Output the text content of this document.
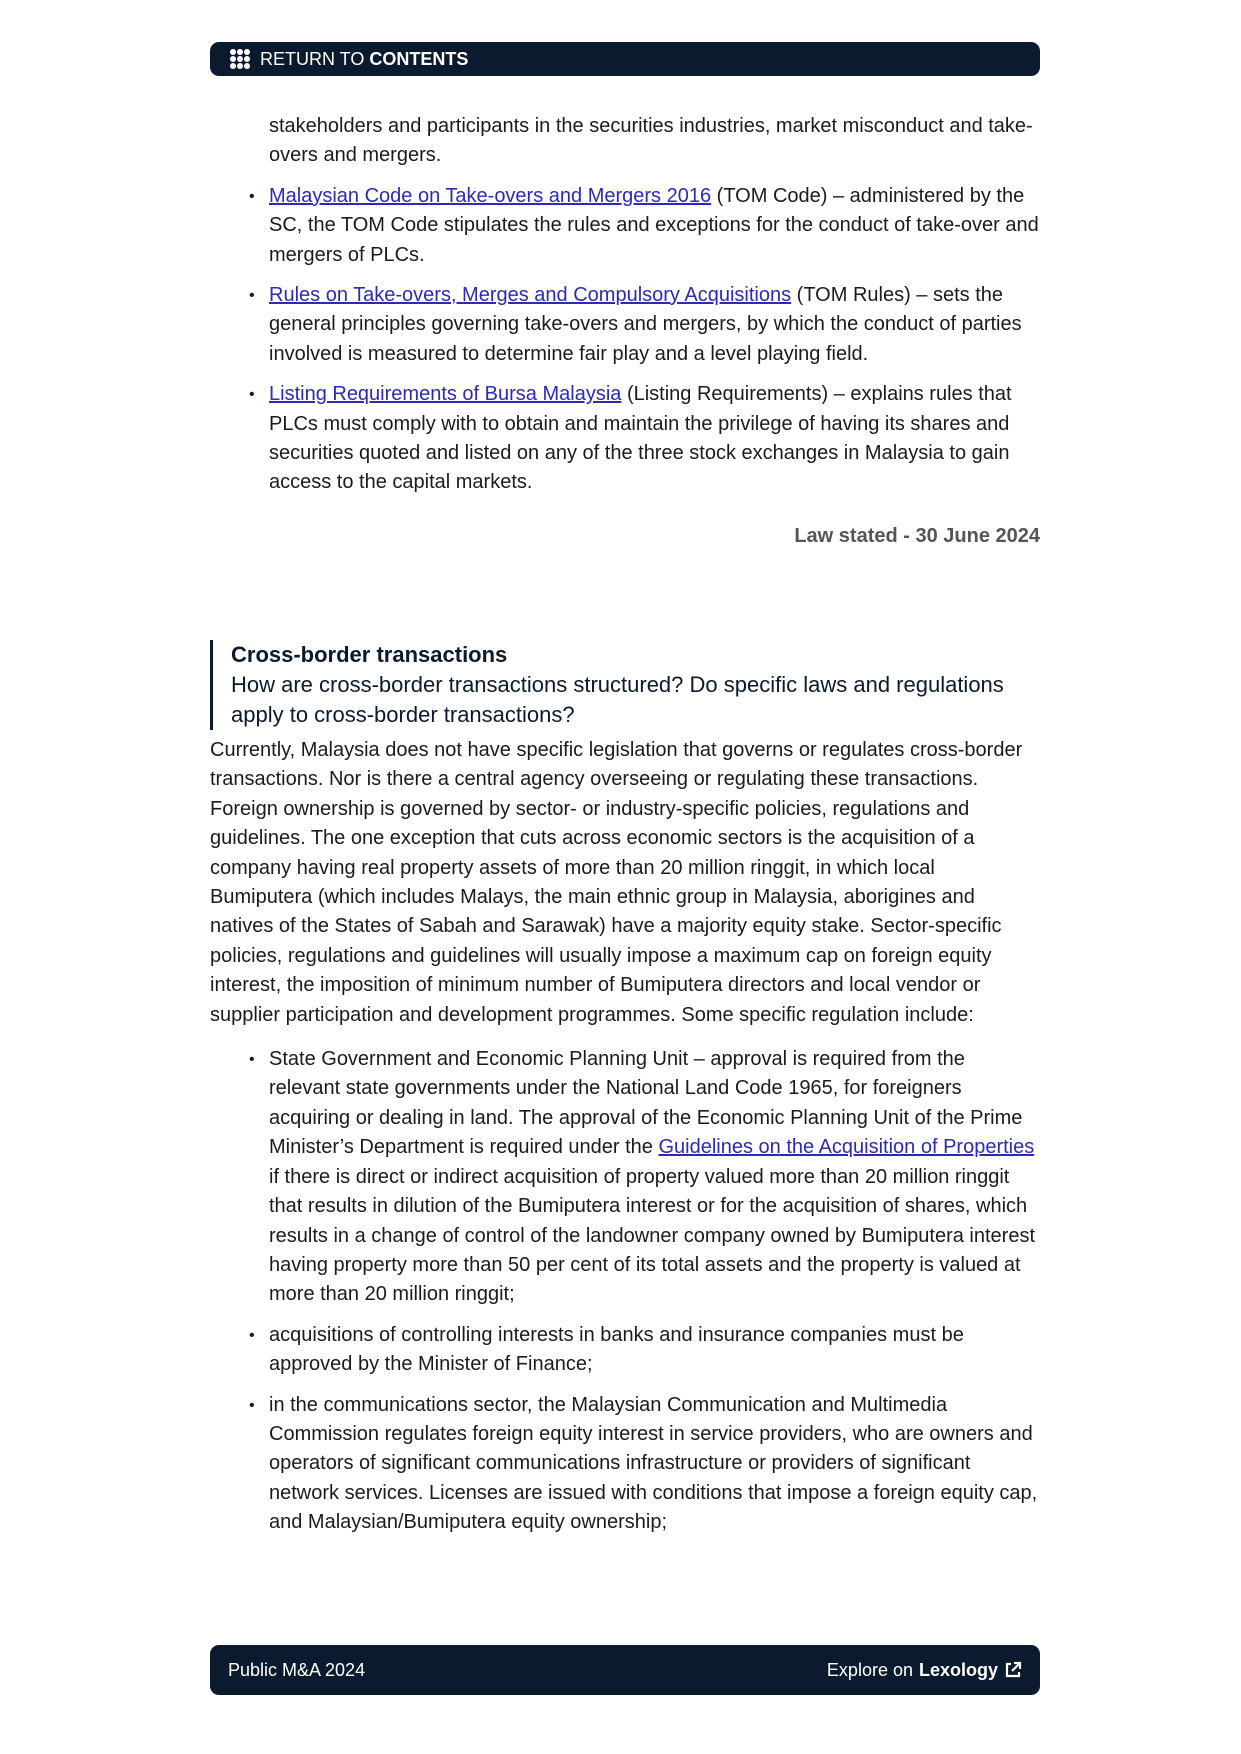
RETURN TO CONTENTS
stakeholders and participants in the securities industries, market misconduct and take-overs and mergers.
• Malaysian Code on Take-overs and Mergers 2016 (TOM Code) – administered by the SC, the TOM Code stipulates the rules and exceptions for the conduct of take-over and mergers of PLCs.
• Rules on Take-overs, Merges and Compulsory Acquisitions (TOM Rules) – sets the general principles governing take-overs and mergers, by which the conduct of parties involved is measured to determine fair play and a level playing field.
• Listing Requirements of Bursa Malaysia (Listing Requirements) – explains rules that PLCs must comply with to obtain and maintain the privilege of having its shares and securities quoted and listed on any of the three stock exchanges in Malaysia to gain access to the capital markets.
Law stated - 30 June 2024
Cross-border transactions
How are cross-border transactions structured? Do specific laws and regulations apply to cross-border transactions?
Currently, Malaysia does not have specific legislation that governs or regulates cross-border transactions. Nor is there a central agency overseeing or regulating these transactions. Foreign ownership is governed by sector- or industry-specific policies, regulations and guidelines. The one exception that cuts across economic sectors is the acquisition of a company having real property assets of more than 20 million ringgit, in which local Bumiputera (which includes Malays, the main ethnic group in Malaysia, aborigines and natives of the States of Sabah and Sarawak) have a majority equity stake. Sector-specific policies, regulations and guidelines will usually impose a maximum cap on foreign equity interest, the imposition of minimum number of Bumiputera directors and local vendor or supplier participation and development programmes. Some specific regulation include:
• State Government and Economic Planning Unit – approval is required from the relevant state governments under the National Land Code 1965, for foreigners acquiring or dealing in land. The approval of the Economic Planning Unit of the Prime Minister’s Department is required under the Guidelines on the Acquisition of Properties if there is direct or indirect acquisition of property valued more than 20 million ringgit that results in dilution of the Bumiputera interest or for the acquisition of shares, which results in a change of control of the landowner company owned by Bumiputera interest having property more than 50 per cent of its total assets and the property is valued at more than 20 million ringgit;
• acquisitions of controlling interests in banks and insurance companies must be approved by the Minister of Finance;
• in the communications sector, the Malaysian Communication and Multimedia Commission regulates foreign equity interest in service providers, who are owners and operators of significant communications infrastructure or providers of significant network services. Licenses are issued with conditions that impose a foreign equity cap, and Malaysian/Bumiputera equity ownership;
Public M&A 2024	Explore on Lexology
